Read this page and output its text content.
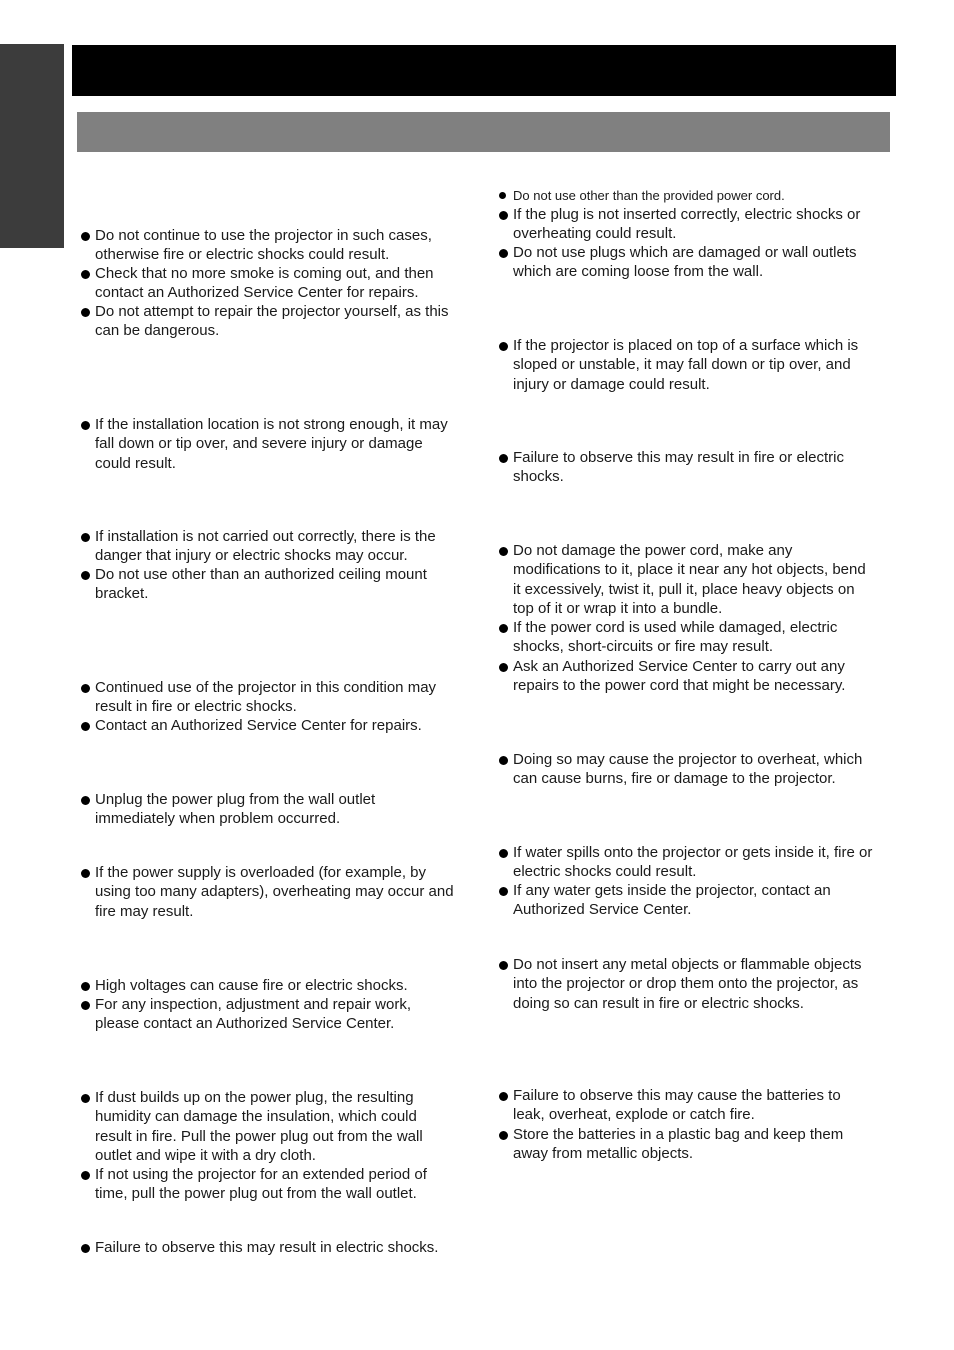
Do not continue to use the projector in such cases, otherwise fire or electric shocks could result.
Check that no more smoke is coming out, and then contact an Authorized Service Center for repairs.
Do not attempt to repair the projector yourself, as this can be dangerous.
If the installation location is not strong enough, it may fall down or tip over, and severe injury or damage could result.
If installation is not carried out correctly, there is the danger that injury or electric shocks may occur.
Do not use other than an authorized ceiling mount bracket.
Continued use of the projector in this condition may result in fire or electric shocks.
Contact an Authorized Service Center for repairs.
Unplug the power plug from the wall outlet immediately when problem occurred.
If the power supply is overloaded (for example, by using too many adapters), overheating may occur and fire may result.
High voltages can cause fire or electric shocks.
For any inspection, adjustment and repair work, please contact an Authorized Service Center.
If dust builds up on the power plug, the resulting humidity can damage the insulation, which could result in fire. Pull the power plug out from the wall outlet and wipe it with a dry cloth.
If not using the projector for an extended period of time, pull the power plug out from the wall outlet.
Failure to observe this may result in electric shocks.
Do not use other than the provided power cord.
If the plug is not inserted correctly, electric shocks or overheating could result.
Do not use plugs which are damaged or wall outlets which are coming loose from the wall.
If the projector is placed on top of a surface which is sloped or unstable, it may fall down or tip over, and injury or damage could result.
Failure to observe this may result in fire or electric shocks.
Do not damage the power cord, make any modifications to it, place it near any hot objects, bend it excessively, twist it, pull it, place heavy objects on top of it or wrap it into a bundle.
If the power cord is used while damaged, electric shocks, short-circuits or fire may result.
Ask an Authorized Service Center to carry out any repairs to the power cord that might be necessary.
Doing so may cause the projector to overheat, which can cause burns, fire or damage to the projector.
If water spills onto the projector or gets inside it, fire or electric shocks could result.
If any water gets inside the projector, contact an Authorized Service Center.
Do not insert any metal objects or flammable objects into the projector or drop them onto the projector, as doing so can result in fire or electric shocks.
Failure to observe this may cause the batteries to leak, overheat, explode or catch fire.
Store the batteries in a plastic bag and keep them away from metallic objects.
